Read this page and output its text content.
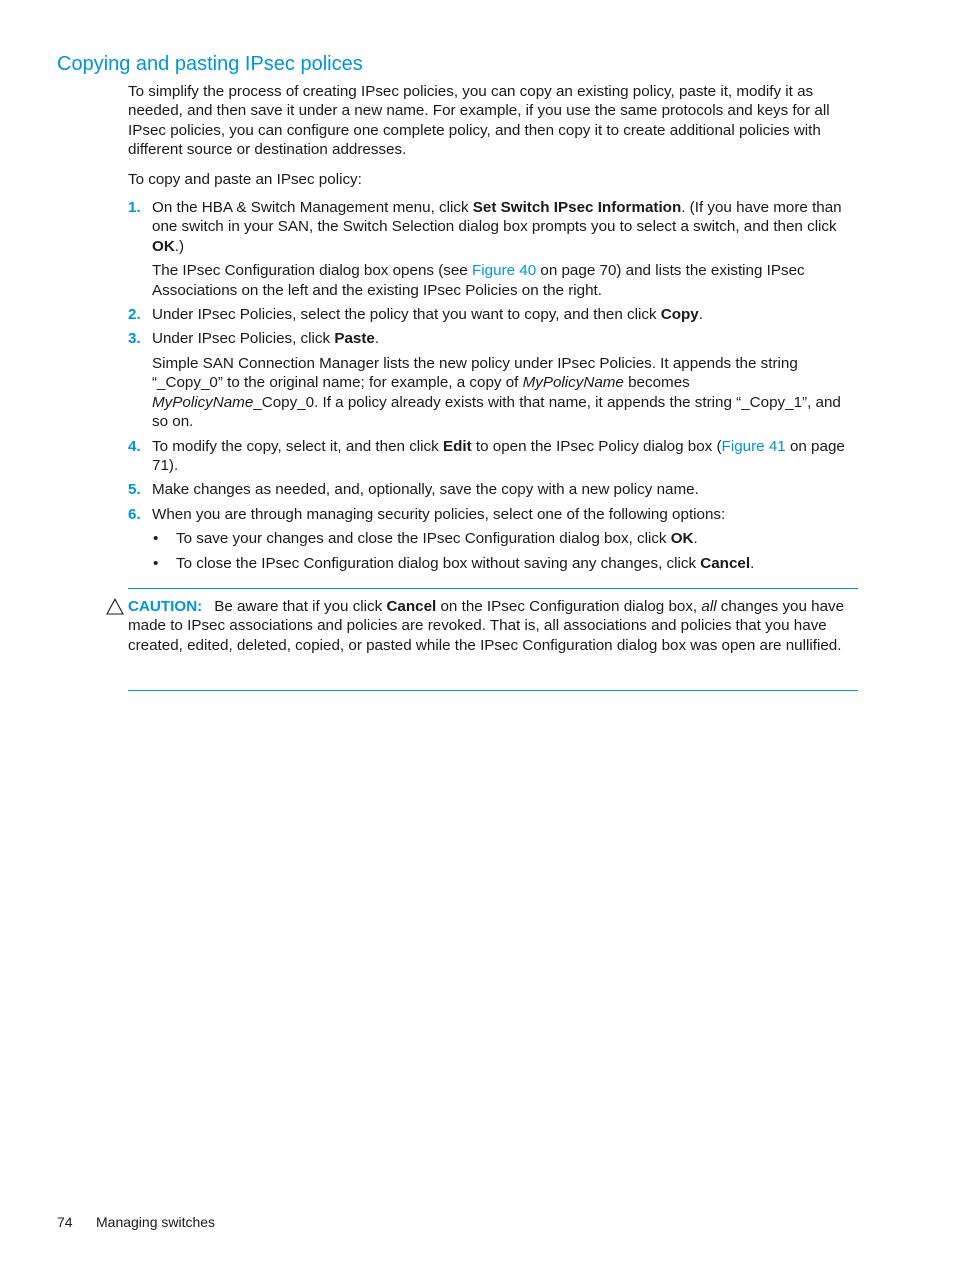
Copying and pasting IPsec polices

To simplify the process of creating IPsec policies, you can copy an existing policy, paste it, modify it as needed, and then save it under a new name. For example, if you use the same protocols and keys for all IPsec policies, you can configure one complete policy, and then copy it to create additional policies with different source or destination addresses.

To copy and paste an IPsec policy:

1. On the HBA & Switch Management menu, click Set Switch IPsec Information. (If you have more than one switch in your SAN, the Switch Selection dialog box prompts you to select a switch, and then click OK.)

The IPsec Configuration dialog box opens (see Figure 40 on page 70) and lists the existing IPsec Associations on the left and the existing IPsec Policies on the right.

2. Under IPsec Policies, select the policy that you want to copy, and then click Copy.

3. Under IPsec Policies, click Paste.

Simple SAN Connection Manager lists the new policy under IPsec Policies. It appends the string “_Copy_0” to the original name; for example, a copy of MyPolicyName becomes MyPolicyName_Copy_0. If a policy already exists with that name, it appends the string “_Copy_1”, and so on.

4. To modify the copy, select it, and then click Edit to open the IPsec Policy dialog box (Figure 41 on page 71).

5. Make changes as needed, and, optionally, save the copy with a new policy name.

6. When you are through managing security policies, select one of the following options:

• To save your changes and close the IPsec Configuration dialog box, click OK.
• To close the IPsec Configuration dialog box without saving any changes, click Cancel.
CAUTION: Be aware that if you click Cancel on the IPsec Configuration dialog box, all changes you have made to IPsec associations and policies are revoked. That is, all associations and policies that you have created, edited, deleted, copied, or pasted while the IPsec Configuration dialog box was open are nullified.
74 Managing switches
